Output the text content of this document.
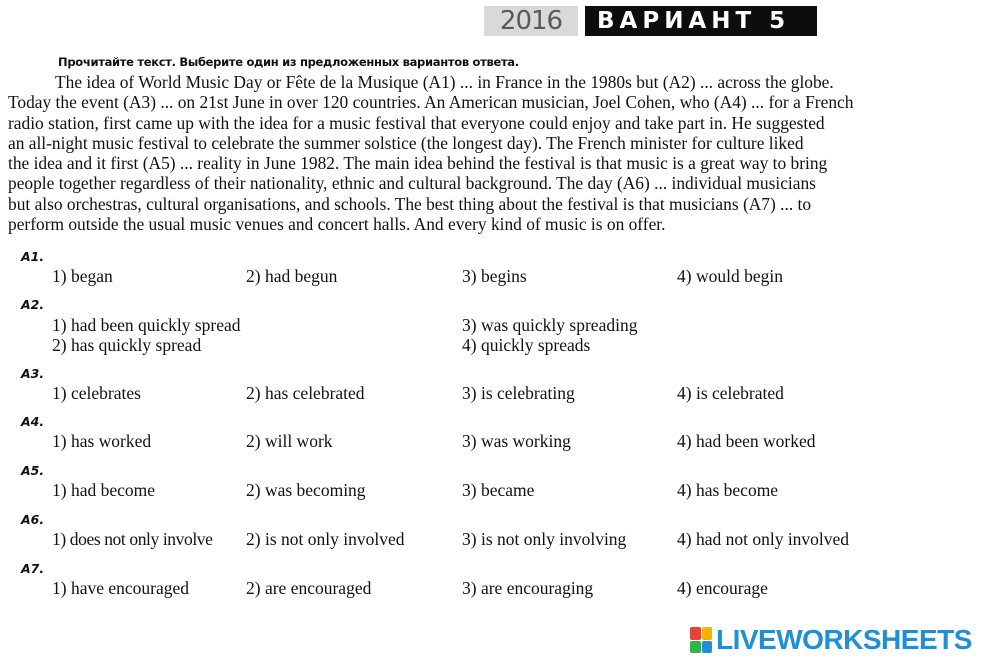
2016	ВАРИАНТ 5
Прочитайте текст. Выберите один из предложенных вариантов ответа.
The idea of World Music Day or Fête de la Musique (A1) ... in France in the 1980s but (A2) ... across the globe.
Today the event (A3) ... on 21st June in over 120 countries. An American musician, Joel Cohen, who (A4) ... for a French
radio station, first came up with the idea for a music festival that everyone could enjoy and take part in. He suggested
an all-night music festival to celebrate the summer solstice (the longest day). The French minister for culture liked
the idea and it first (A5) ... reality in June 1982. The main idea behind the festival is that music is a great way to bring
people together regardless of their nationality, ethnic and cultural background. The day (A6) ... individual musicians
but also orchestras, cultural organisations, and schools. The best thing about the festival is that musicians (A7) ... to
perform outside the usual music venues and concert halls. And every kind of music is on offer.
A1.
1) began	2) had begun	3) begins	4) would begin
A2.
1) had been quickly spread
2) has quickly spread
3) was quickly spreading
4) quickly spreads
A3.
1) celebrates	2) has celebrated	3) is celebrating	4) is celebrated
A4.
1) has worked	2) will work	3) was working	4) had been worked
A5.
1) had become	2) was becoming	3) became	4) has become
A6.
1) does not only involve 2) is not only involved	3) is not only involving	4) had not only involved
A7.
1) have encouraged	2) are encouraged	3) are encouraging	4) encourage
LIVEWORKSHEETS
